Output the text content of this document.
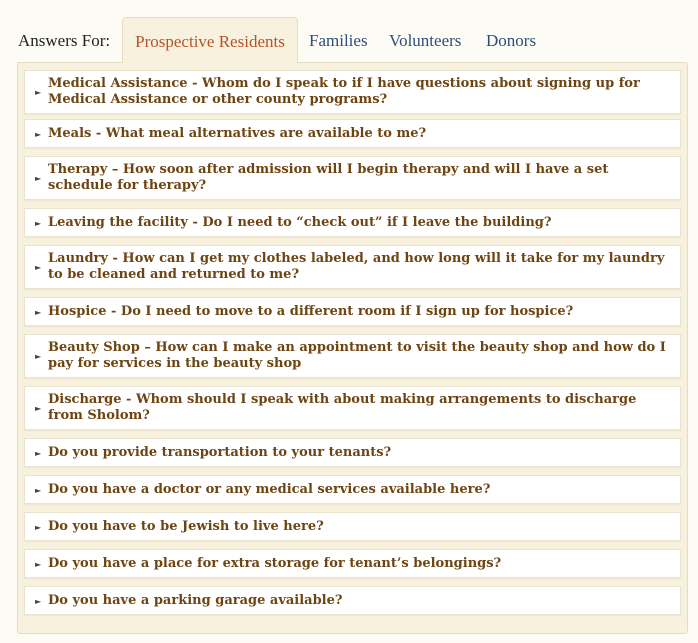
Answers For:	Prospective Residents	Families Volunteers Donors
►
Medical Assistance - Whom do I speak to if I have questions about signing up for Medical Assistance or other county programs?
► Meals - What meal alternatives are available to me?
►
Therapy – How soon after admission will I begin therapy and will I have a set schedule for therapy?
► Leaving the facility - Do I need to “check out” if I leave the building?
►
Laundry - How can I get my clothes labeled, and how long will it take for my laundry to be cleaned and returned to me?
► Hospice - Do I need to move to a different room if I sign up for hospice?
►
Beauty Shop – How can I make an appointment to visit the beauty shop and how do I pay for services in the beauty shop
►
Discharge - Whom should I speak with about making arrangements to discharge from Sholom?
► Do you provide transportation to your tenants?
► Do you have a doctor or any medical services available here?
► Do you have to be Jewish to live here?
► Do you have a place for extra storage for tenant’s belongings?
► Do you have a parking garage available?
